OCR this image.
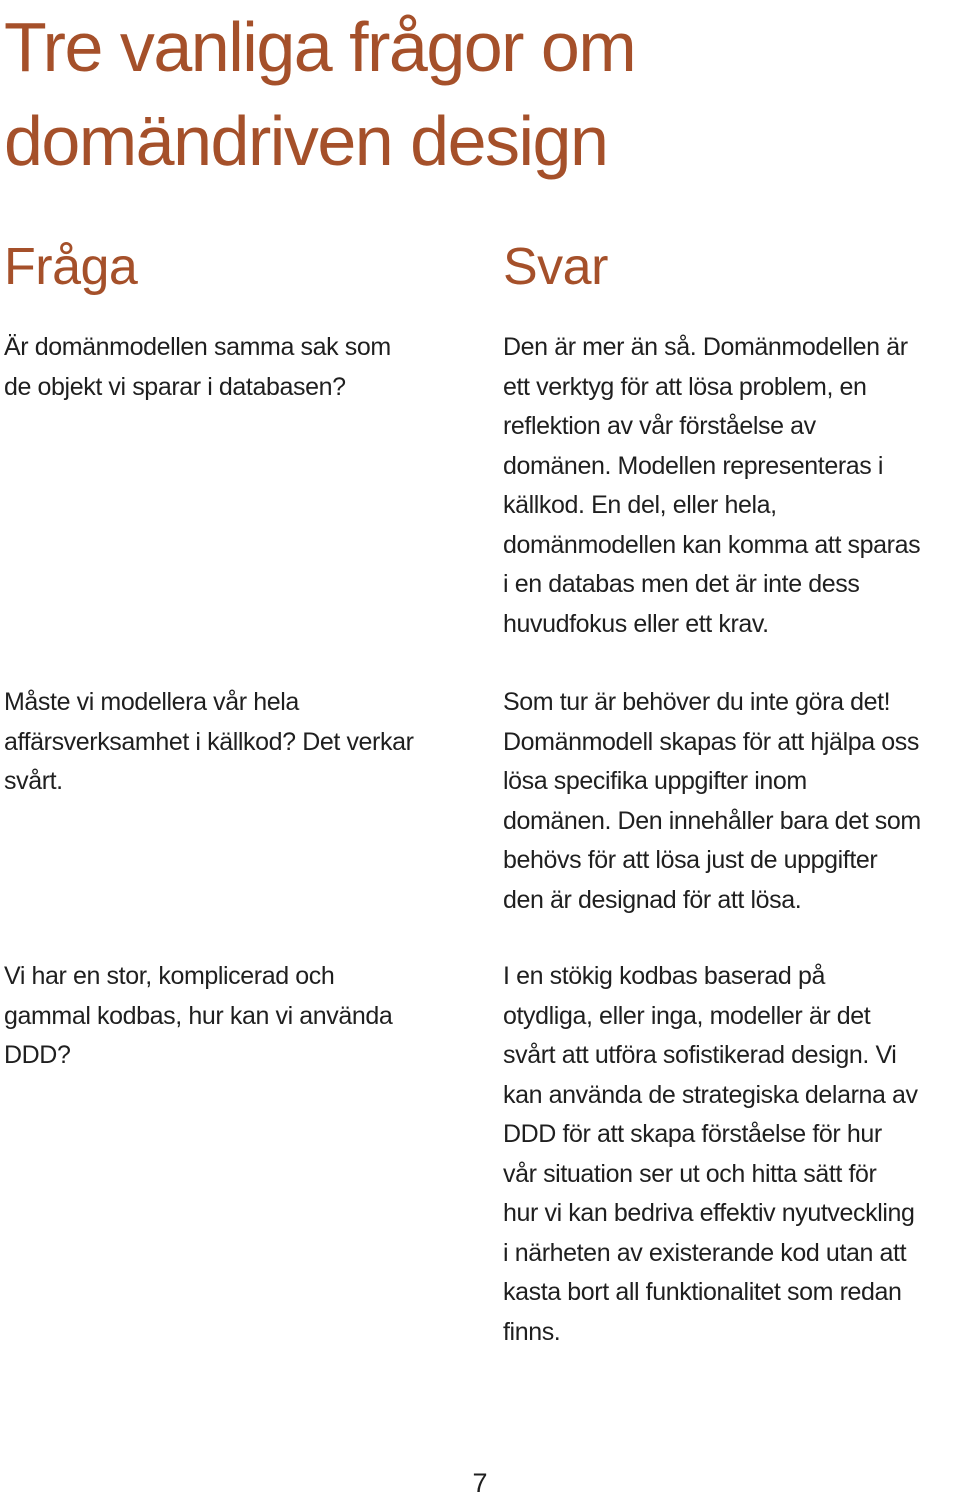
Tre vanliga frågor om
domändriven design
Fråga	Svar

Är domänmodellen samma sak som
de objekt vi sparar i databasen?

Den är mer än så. Domänmodellen är
ett verktyg för att lösa problem, en
reflektion av vår förståelse av
domänen. Modellen representeras i
källkod. En del, eller hela,
domänmodellen kan komma att sparas
i en databas men det är inte dess
huvudfokus eller ett krav.

Måste vi modellera vår hela
affärsverksamhet i källkod? Det verkar
svårt.

Som tur är behöver du inte göra det!
Domänmodell skapas för att hjälpa oss
lösa specifika uppgifter inom
domänen. Den innehåller bara det som
behövs för att lösa just de uppgifter
den är designad för att lösa.

Vi har en stor, komplicerad och
gammal kodbas, hur kan vi använda
DDD?

I en stökig kodbas baserad på
otydliga, eller inga, modeller är det
svårt att utföra sofistikerad design. Vi
kan använda de strategiska delarna av
DDD för att skapa förståelse för hur
vår situation ser ut och hitta sätt för
hur vi kan bedriva effektiv nyutveckling
i närheten av existerande kod utan att
kasta bort all funktionalitet som redan
finns.

7
